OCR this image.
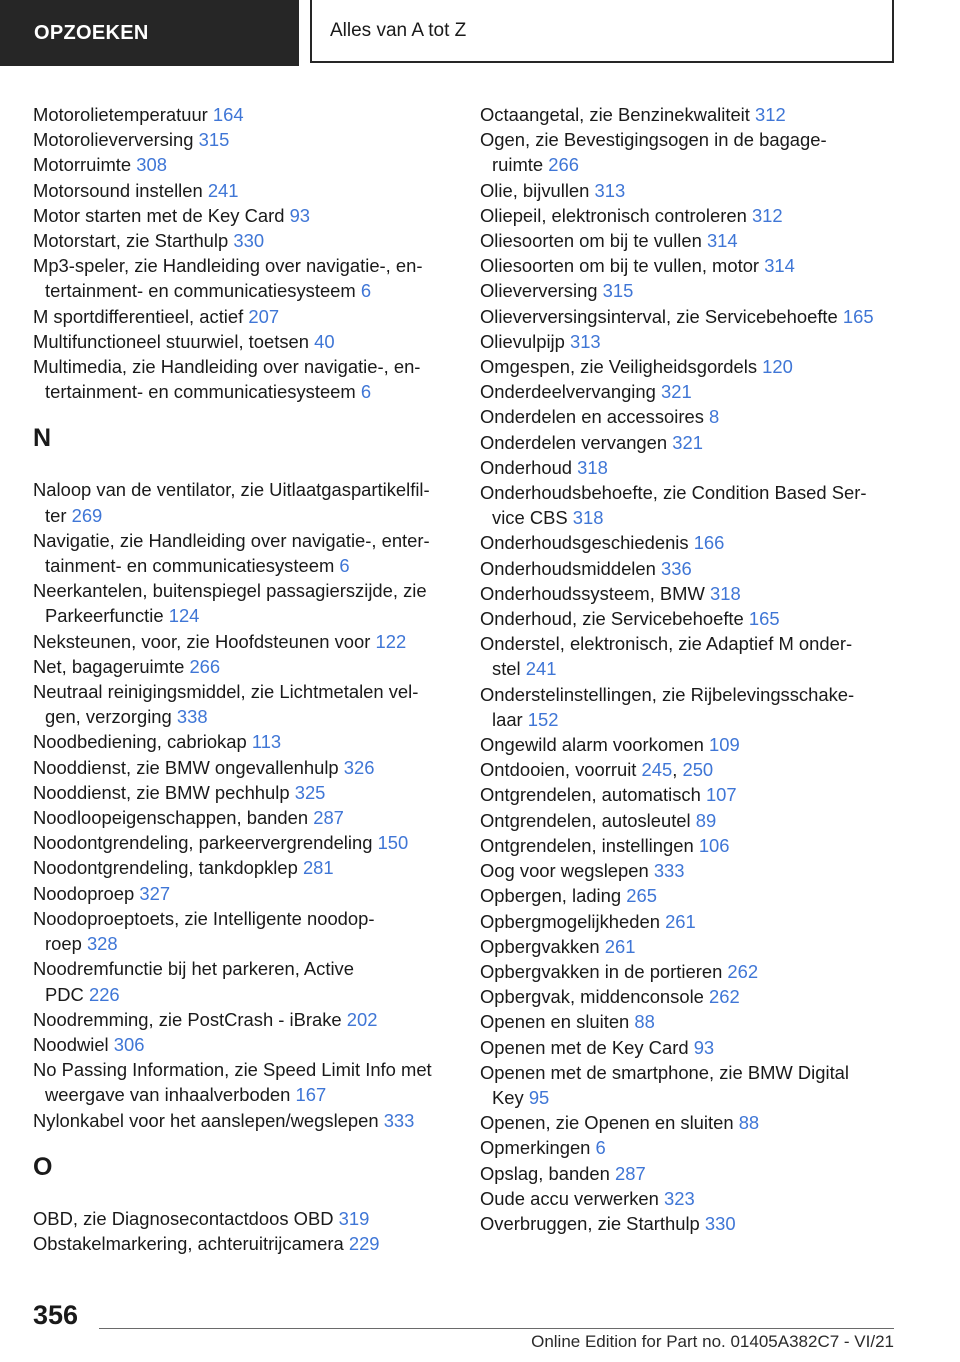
OPZOEKEN	Alles van A tot Z
Motorolietemperatuur 164
Motorolieverversing 315
Motorruimte 308
Motorsound instellen 241
Motor starten met de Key Card 93
Motorstart, zie Starthulp 330
Mp3-speler, zie Handleiding over navigatie-, en-
tertainment- en communicatiesysteem 6
M sportdifferentieel, actief 207
Multifunctioneel stuurwiel, toetsen 40
Multimedia, zie Handleiding over navigatie-, en-
tertainment- en communicatiesysteem 6
N
Naloop van de ventilator, zie Uitlaatgaspartikelfil-
ter 269
Navigatie, zie Handleiding over navigatie-, enter-
tainment- en communicatiesysteem 6
Neerkantelen, buitenspiegel passagierszijde, zie
Parkeerfunctie 124
Neksteunen, voor, zie Hoofdsteunen voor 122
Net, bagageruimte 266
Neutraal reinigingsmiddel, zie Lichtmetalen vel-
gen, verzorging 338
Noodbediening, cabriokap 113
Nooddienst, zie BMW ongevallenhulp 326
Nooddienst, zie BMW pechhulp 325
Noodloopeigenschappen, banden 287
Noodontgrendeling, parkeervergrendeling 150
Noodontgrendeling, tankdopklep 281
Noodoproep 327
Noodoproeptoets, zie Intelligente noodop-
roep 328
Noodremfunctie bij het parkeren, Active
PDC 226
Noodremming, zie PostCrash - iBrake 202
Noodwiel 306
No Passing Information, zie Speed Limit Info met
weergave van inhaalverboden 167
Nylonkabel voor het aanslepen/wegslepen 333
O
OBD, zie Diagnosecontactdoos OBD 319
Obstakelmarkering, achteruitrijcamera 229
Octaangetal, zie Benzinekwaliteit 312
Ogen, zie Bevestigingsogen in de bagage-
ruimte 266
Olie, bijvullen 313
Oliepeil, elektronisch controleren 312
Oliesoorten om bij te vullen 314
Oliesoorten om bij te vullen, motor 314
Olieverversing 315
Olieverversingsinterval, zie Servicebehoefte 165
Olievulpijp 313
Omgespen, zie Veiligheidsgordels 120
Onderdeelvervanging 321
Onderdelen en accessoires 8
Onderdelen vervangen 321
Onderhoud 318
Onderhoudsbehoefte, zie Condition Based Ser-
vice CBS 318
Onderhoudsgeschiedenis 166
Onderhoudsmiddelen 336
Onderhoudssysteem, BMW 318
Onderhoud, zie Servicebehoefte 165
Onderstel, elektronisch, zie Adaptief M onder-
stel 241
Onderstelinstellingen, zie Rijbelevingsschake-
laar 152
Ongewild alarm voorkomen 109
Ontdooien, voorruit 245, 250
Ontgrendelen, automatisch 107
Ontgrendelen, autosleutel 89
Ontgrendelen, instellingen 106
Oog voor wegslepen 333
Opbergen, lading 265
Opbergmogelijkheden 261
Opbergvakken 261
Opbergvakken in de portieren 262
Opbergvak, middenconsole 262
Openen en sluiten 88
Openen met de Key Card 93
Openen met de smartphone, zie BMW Digital
Key 95
Openen, zie Openen en sluiten 88
Opmerkingen 6
Opslag, banden 287
Oude accu verwerken 323
Overbruggen, zie Starthulp 330
356
Online Edition for Part no. 01405A382C7 - VI/21
